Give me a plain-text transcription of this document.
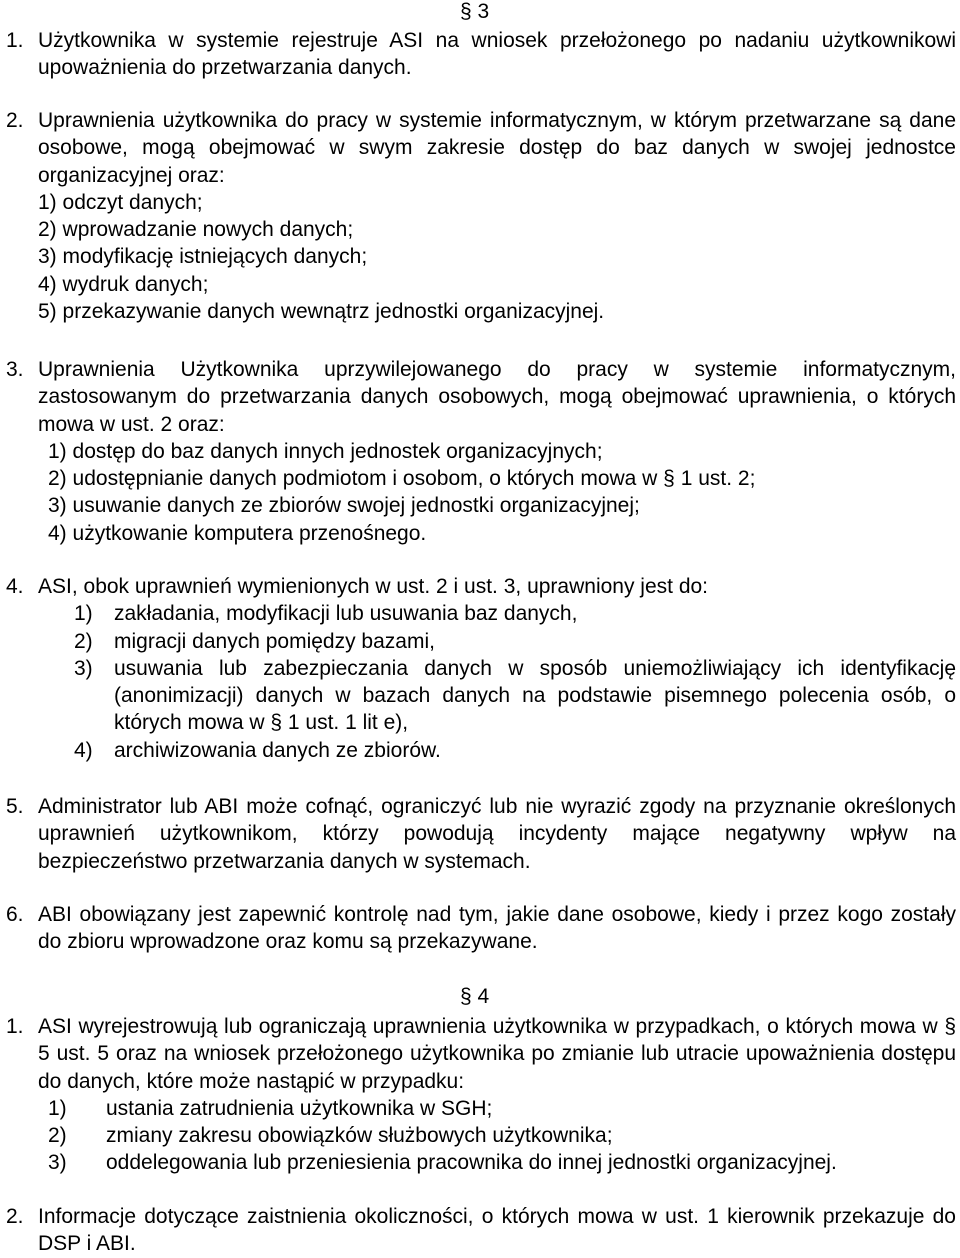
§ 3
1. Użytkownika w systemie rejestruje ASI na wniosek przełożonego po nadaniu użytkownikowi upoważnienia do przetwarzania danych.
2. Uprawnienia użytkownika do pracy w systemie informatycznym, w którym przetwarzane są dane osobowe, mogą obejmować w swym zakresie dostęp do baz danych w swojej jednostce organizacyjnej oraz:
1) odczyt danych;
2) wprowadzanie nowych danych;
3) modyfikację istniejących danych;
4) wydruk danych;
5) przekazywanie danych wewnątrz jednostki organizacyjnej.
3. Uprawnienia Użytkownika uprzywilejowanego do pracy w systemie informatycznym, zastosowanym do przetwarzania danych osobowych, mogą obejmować uprawnienia, o których mowa w ust. 2 oraz:
1) dostęp do baz danych innych jednostek organizacyjnych;
2) udostępnianie danych podmiotom i osobom, o których mowa w § 1 ust. 2;
3) usuwanie danych ze zbiorów swojej jednostki organizacyjnej;
4) użytkowanie komputera przenośnego.
4. ASI, obok uprawnień wymienionych w ust. 2 i ust. 3, uprawniony jest do:
1)	zakładania, modyfikacji lub usuwania baz danych,
2)	migracji danych pomiędzy bazami,
3)	usuwania lub zabezpieczania danych w sposób uniemożliwiający ich identyfikację (anonimizacji) danych w bazach danych na podstawie pisemnego polecenia osób, o których mowa w § 1 ust. 1 lit e),
4)	archiwizowania danych ze zbiorów.
5. Administrator lub ABI może cofnąć, ograniczyć lub nie wyrazić zgody na przyznanie określonych uprawnień użytkownikom, którzy powodują incydenty mające negatywny wpływ na bezpieczeństwo przetwarzania danych w systemach.
6. ABI obowiązany jest zapewnić kontrolę nad tym, jakie dane osobowe, kiedy i przez kogo zostały do zbioru wprowadzone oraz komu są przekazywane.
§ 4
1. ASI wyrejestrowują lub ograniczają uprawnienia użytkownika w przypadkach, o których mowa w § 5 ust. 5 oraz na wniosek przełożonego użytkownika po zmianie lub utracie upoważnienia dostępu do danych, które może nastąpić w przypadku:
1)	ustania zatrudnienia użytkownika w SGH;
2)	zmiany zakresu obowiązków służbowych użytkownika;
3)	oddelegowania lub przeniesienia pracownika do innej jednostki organizacyjnej.
2. Informacje dotyczące zaistnienia okoliczności, o których mowa w ust. 1 kierownik przekazuje do DSP i ABI.
